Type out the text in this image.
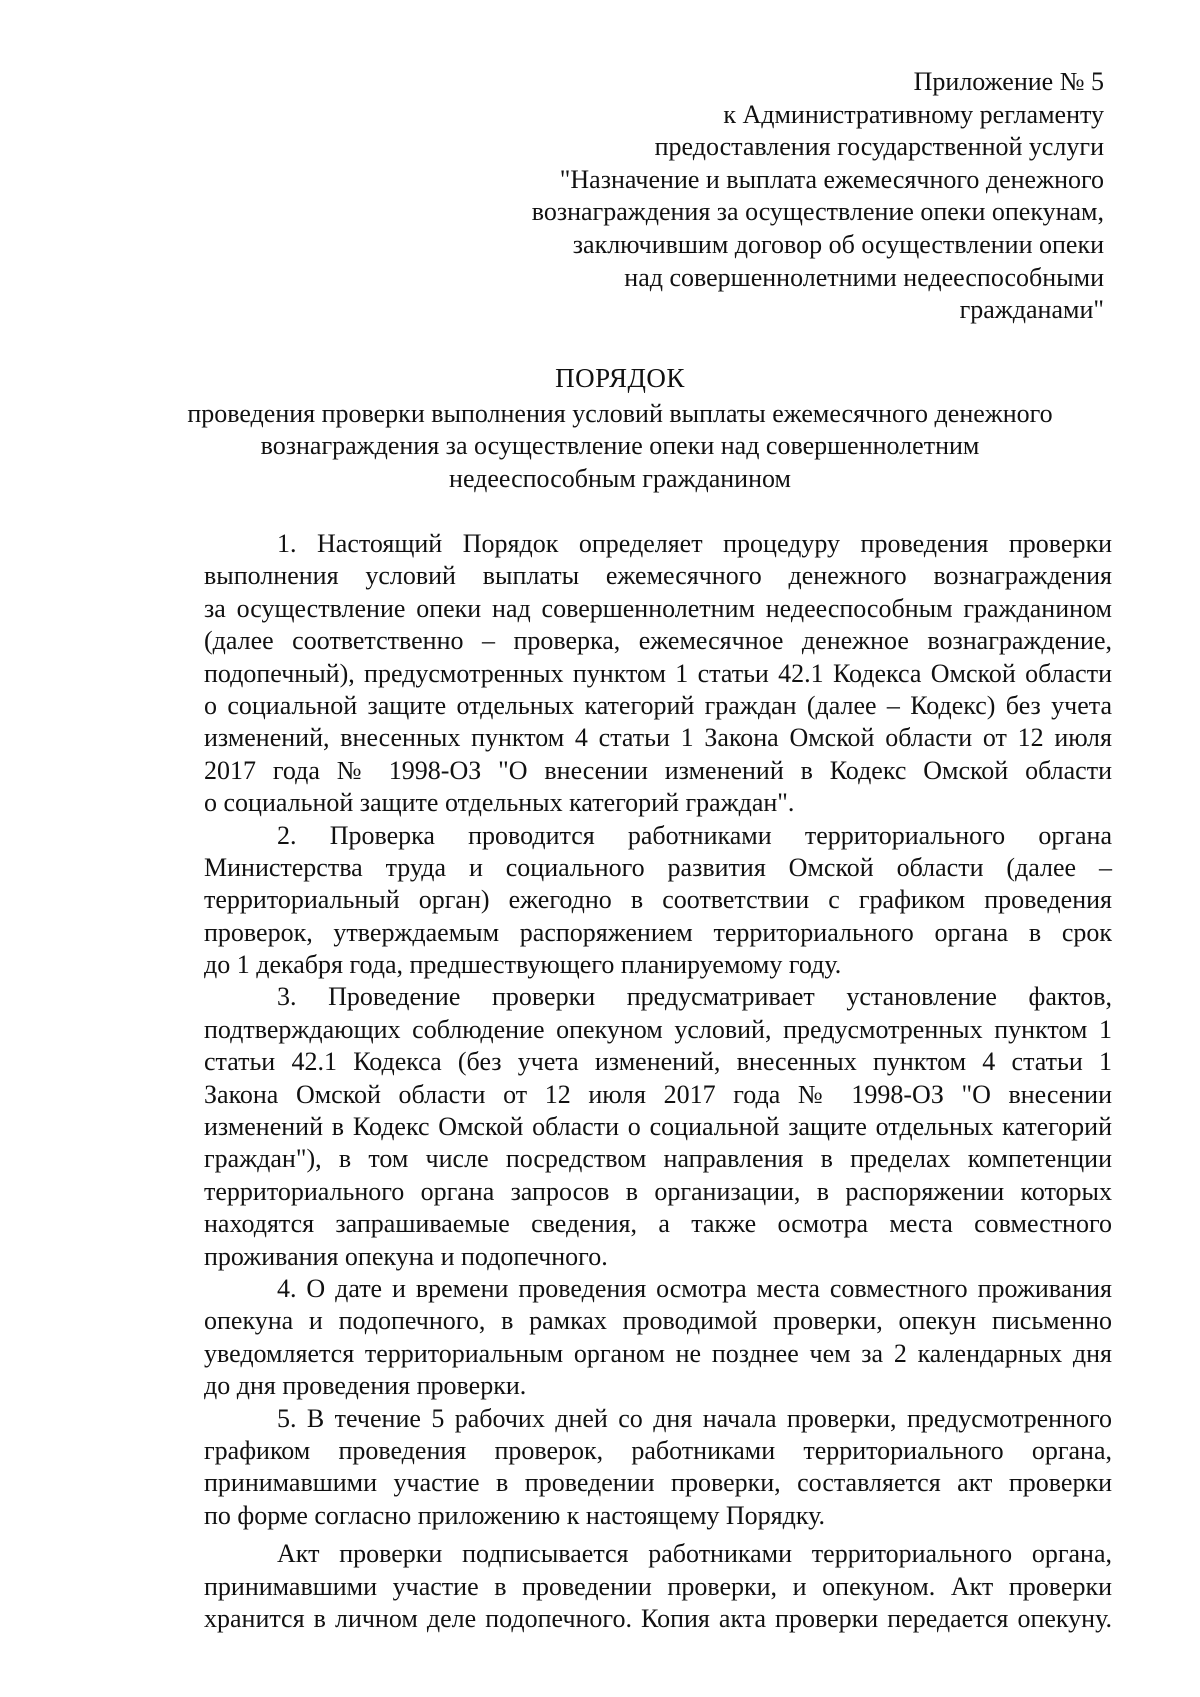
Приложение № 5
к Административному регламенту
предоставления государственной услуги
"Назначение и выплата ежемесячного денежного
вознаграждения за осуществление опеки опекунам,
заключившим договор об осуществлении опеки
над совершеннолетними недееспособными
гражданами"
ПОРЯДОК
проведения проверки выполнения условий выплаты ежемесячного денежного
вознаграждения за осуществление опеки над совершеннолетним
недееспособным гражданином
1. Настоящий Порядок определяет процедуру проведения проверки
выполнения условий выплаты ежемесячного денежного вознаграждения
за осуществление опеки над совершеннолетним недееспособным гражданином
(далее соответственно – проверка, ежемесячное денежное вознаграждение,
подопечный), предусмотренных пунктом 1 статьи 42.1 Кодекса Омской области
о социальной защите отдельных категорий граждан (далее – Кодекс) без учета
изменений, внесенных пунктом 4 статьи 1 Закона Омской области от 12 июля
2017 года № 1998-ОЗ "О внесении изменений в Кодекс Омской области
о социальной защите отдельных категорий граждан".
2. Проверка проводится работниками территориального органа
Министерства труда и социального развития Омской области (далее –
территориальный орган) ежегодно в соответствии с графиком проведения
проверок, утверждаемым распоряжением территориального органа в срок
до 1 декабря года, предшествующего планируемому году.
3. Проведение проверки предусматривает установление фактов,
подтверждающих соблюдение опекуном условий, предусмотренных пунктом 1
статьи 42.1 Кодекса (без учета изменений, внесенных пунктом 4 статьи 1
Закона Омской области от 12 июля 2017 года № 1998-ОЗ "О внесении
изменений в Кодекс Омской области о социальной защите отдельных категорий
граждан"), в том числе посредством направления в пределах компетенции
территориального органа запросов в организации, в распоряжении которых
находятся запрашиваемые сведения, а также осмотра места совместного
проживания опекуна и подопечного.
4. О дате и времени проведения осмотра места совместного проживания
опекуна и подопечного, в рамках проводимой проверки, опекун письменно
уведомляется территориальным органом не позднее чем за 2 календарных дня
до дня проведения проверки.
5. В течение 5 рабочих дней со дня начала проверки, предусмотренного
графиком проведения проверок, работниками территориального органа,
принимавшими участие в проведении проверки, составляется акт проверки
по форме согласно приложению к настоящему Порядку.
Акт проверки подписывается работниками территориального органа,
принимавшими участие в проведении проверки, и опекуном. Акт проверки
хранится в личном деле подопечного. Копия акта проверки передается опекуну.
